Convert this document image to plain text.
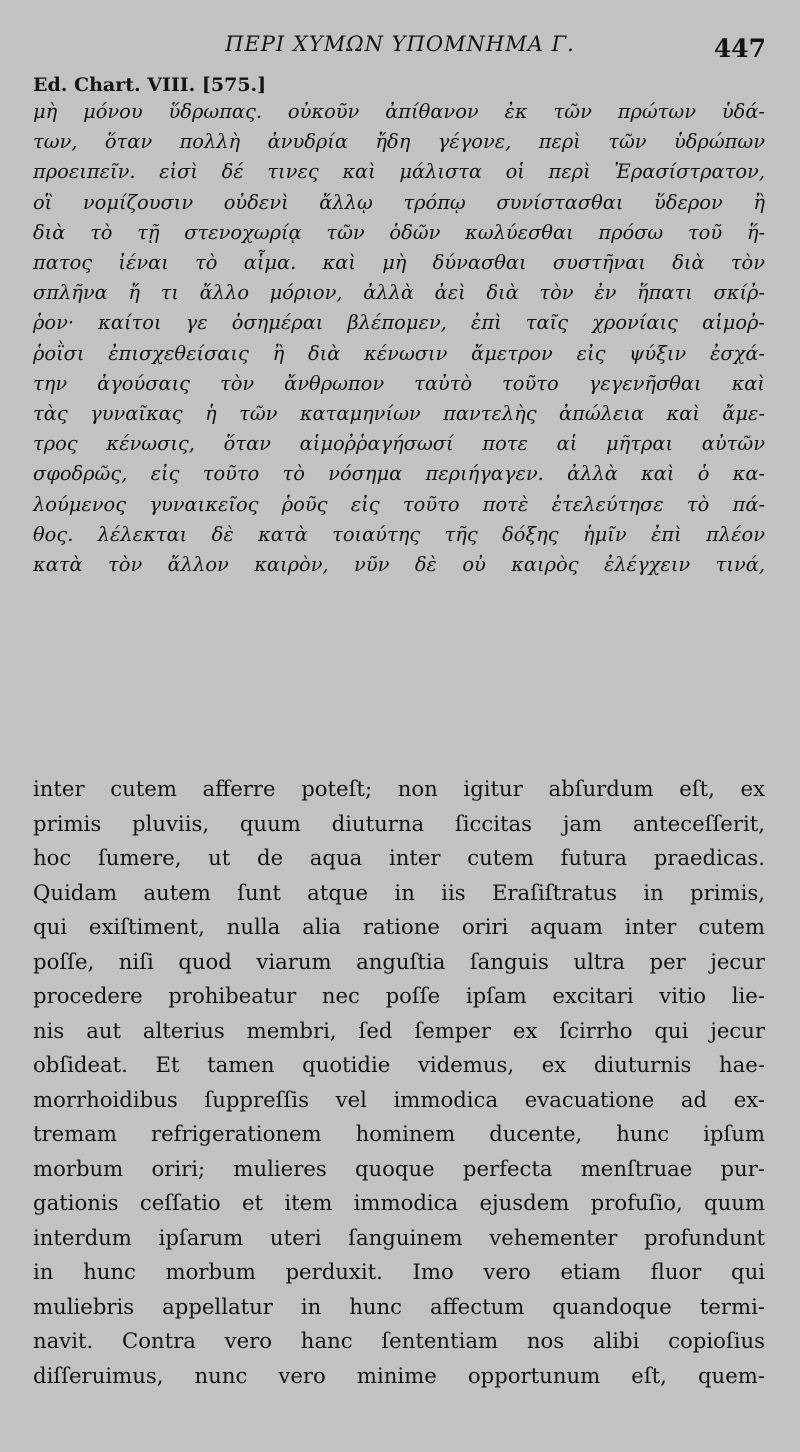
ΠΕΡΙ ΧΥΜΩΝ ΥΠΟΜΝΗΜΑ Γ.	447
Ed. Chart. VIII. [575.]
μὴ μόνου ὕδρωπας. οὐκοῦν ἀπίθανον ἐκ τῶν πρώτων ὑδά-
των, ὅταν πολλὴ ἀνυδρία ἤδη γέγονε, περὶ τῶν ὑδρώπων
προειπεῖν. εἰσὶ δέ τινες καὶ μάλιστα οἱ περὶ Ἐρασίστρατον,
οἳ νομίζουσιν οὐδενὶ ἄλλῳ τρόπῳ συνίστασθαι ὕδερον ἢ
διὰ τὸ τῇ στενοχωρίᾳ τῶν ὁδῶν κωλύεσθαι πρόσω τοῦ ἥ-
πατος ἰέναι τὸ αἷμα. καὶ μὴ δύνασθαι συστῆναι διὰ τὸν
σπλῆνα ἤ τι ἄλλο μόριον, ἀλλὰ ἀεὶ διὰ τὸν ἐν ἥπατι σκίῤ-
ῥον· καίτοι γε ὁσημέραι βλέπομεν, ἐπὶ ταῖς χρονίαις αἱμοῤ-
ῥοῒσι ἐπισχεθείσαις ἢ διὰ κένωσιν ἄμετρον εἰς ψύξιν ἐσχά-
την ἀγούσαις τὸν ἄνθρωπον ταὐτὸ τοῦτο γεγενῆσθαι καὶ
τὰς γυναῖκας ἡ τῶν καταμηνίων παντελὴς ἀπώλεια καὶ ἄμε-
τρος κένωσις, ὅταν αἱμοῤῥαγήσωσί ποτε αἱ μῆτραι αὐτῶν
σφοδρῶς, εἰς τοῦτο τὸ νόσημα περιήγαγεν. ἀλλὰ καὶ ὁ κα-
λούμενος γυναικεῖος ῥοῦς εἰς τοῦτο ποτὲ ἐτελεύτησε τὸ πά-
θος. λέλεκται δὲ κατὰ τοιαύτης τῆς δόξης ἡμῖν ἐπὶ πλέον
κατὰ τὸν ἄλλον καιρὸν, νῦν δὲ οὐ καιρὸς ἐλέγχειν τινά,
inter cutem afferre poteſt; non igitur abſurdum eſt, ex
primis pluviis, quum diuturna ſiccitas jam anteceſſerit,
hoc ſumere, ut de aqua inter cutem futura praedicas.
Quidam autem ſunt atque in iis Eraſiſtratus in primis,
qui exiſtiment, nulla alia ratione oriri aquam inter cutem
poſſe, niſi quod viarum anguſtia ſanguis ultra per jecur
procedere prohibeatur nec poſſe ipſam excitari vitio lie-
nis aut alterius membri, ſed ſemper ex ſcirrho qui jecur
obſideat. Et tamen quotidie videmus, ex diuturnis hae-
morrhoidibus ſuppreſſis vel immodica evacuatione ad ex-
tremam refrigerationem hominem ducente, hunc ipſum
morbum oriri; mulieres quoque perfecta menſtruae pur-
gationis ceſſatio et item immodica ejusdem profuſio, quum
interdum ipſarum uteri ſanguinem vehementer profundunt
in hunc morbum perduxit. Imo vero etiam fluor qui
muliebris appellatur in hunc affectum quandoque termi-
navit. Contra vero hanc ſententiam nos alibi copioſius
diſſeruimus, nunc vero minime opportunum eſt, quem-
